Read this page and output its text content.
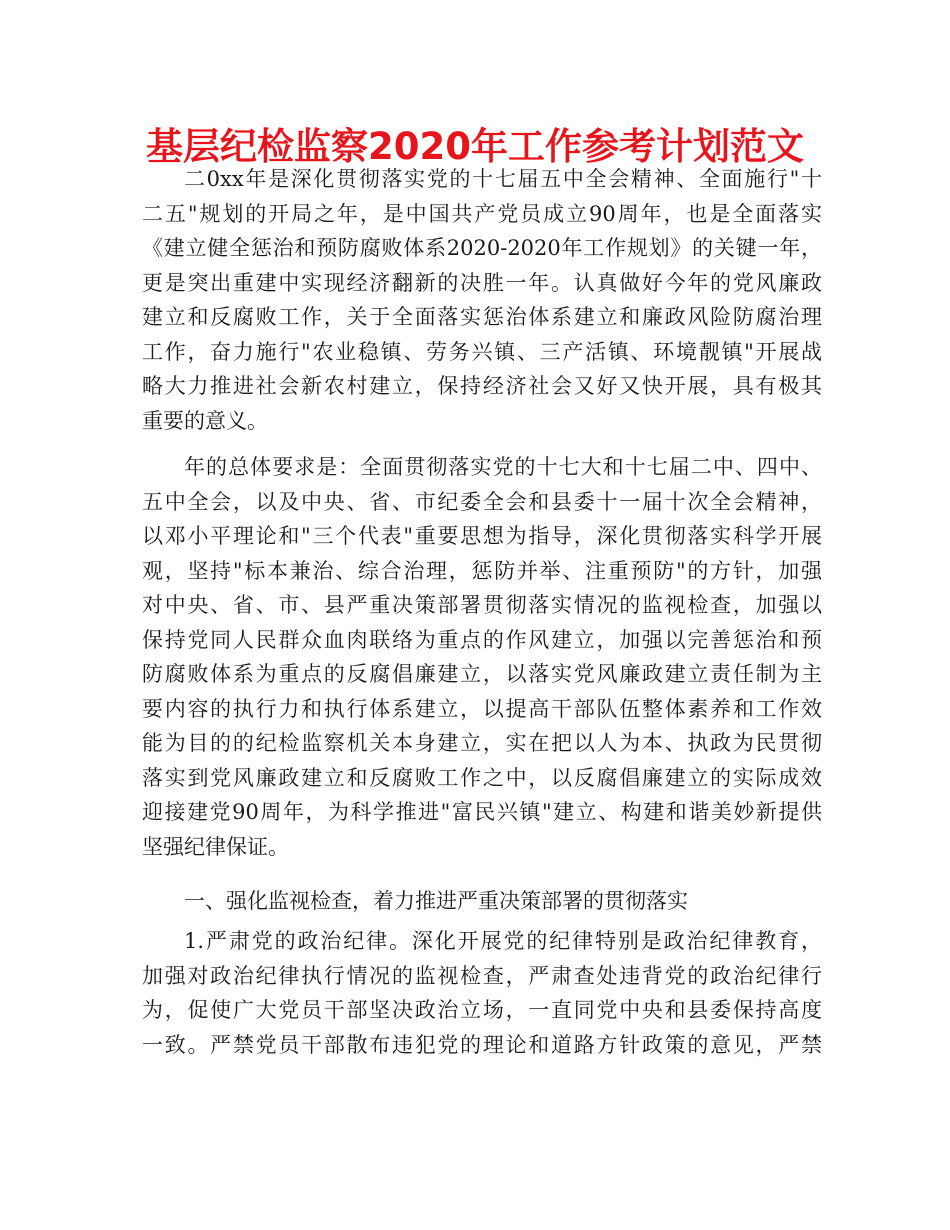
基层纪检监察2020年工作参考计划范文
二0xx年是深化贯彻落实党的十七届五中全会精神、全面施行"十
二五"规划的开局之年，是中国共产党员成立90周年，也是全面落实
《建立健全惩治和预防腐败体系2020-2020年工作规划》的关键一年，
更是突出重建中实现经济翻新的决胜一年。认真做好今年的党风廉政
建立和反腐败工作，关于全面落实惩治体系建立和廉政风险防腐治理
工作，奋力施行"农业稳镇、劳务兴镇、三产活镇、环境靓镇"开展战
略大力推进社会新农村建立，保持经济社会又好又快开展，具有极其
重要的意义。
年的总体要求是：全面贯彻落实党的十七大和十七届二中、四中、
五中全会，以及中央、省、市纪委全会和县委十一届十次全会精神，
以邓小平理论和"三个代表"重要思想为指导，深化贯彻落实科学开展
观，坚持"标本兼治、综合治理，惩防并举、注重预防"的方针，加强
对中央、省、市、县严重决策部署贯彻落实情况的监视检查，加强以
保持党同人民群众血肉联络为重点的作风建立，加强以完善惩治和预
防腐败体系为重点的反腐倡廉建立，以落实党风廉政建立责任制为主
要内容的执行力和执行体系建立，以提高干部队伍整体素养和工作效
能为目的的纪检监察机关本身建立，实在把以人为本、执政为民贯彻
落实到党风廉政建立和反腐败工作之中，以反腐倡廉建立的实际成效
迎接建党90周年，为科学推进"富民兴镇"建立、构建和谐美妙新提供
坚强纪律保证。
一、强化监视检查，着力推进严重决策部署的贯彻落实
1.严肃党的政治纪律。深化开展党的纪律特别是政治纪律教育，
加强对政治纪律执行情况的监视检查，严肃查处违背党的政治纪律行
为，促使广大党员干部坚决政治立场，一直同党中央和县委保持高度
一致。严禁党员干部散布违犯党的理论和道路方针政策的意见，严禁
